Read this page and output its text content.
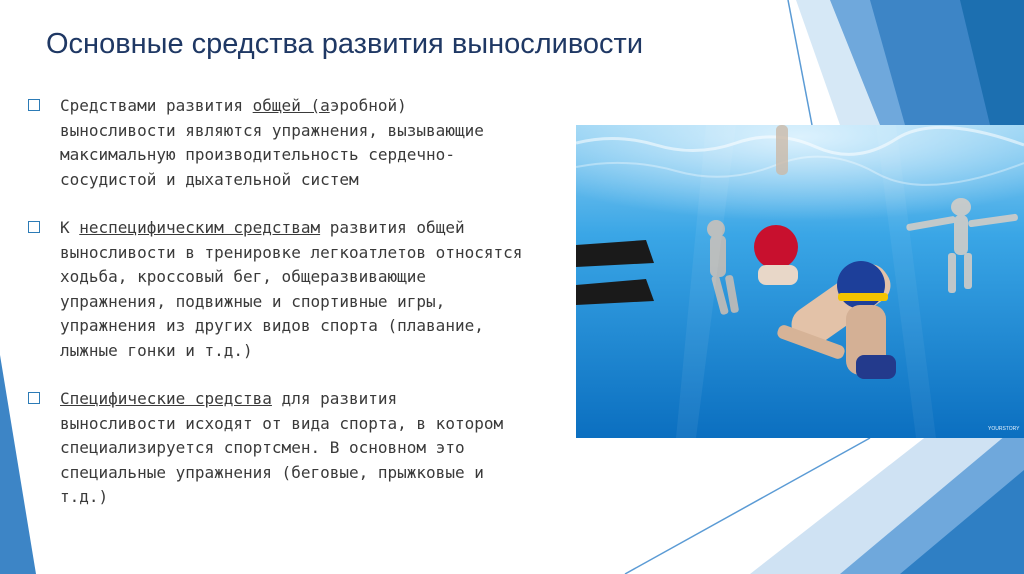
Основные средства развития выносливости
Средствами развития общей (аэробной)
выносливости являются упражнения, вызывающие
максимальную производительность сердечно-
сосудистой и дыхательной систем
К неспецифическим средствам развития общей
выносливости в тренировке легкоатлетов относятся
ходьба, кроссовый бег, общеразвивающие
упражнения, подвижные и спортивные игры,
упражнения из других видов спорта (плавание,
лыжные гонки и т.д.)
Специфические средства для развития
выносливости исходят от вида спорта, в котором
специализируется спортсмен. В основном это
специальные упражнения (беговые, прыжковые и
т.д.)
YOURSTORY
